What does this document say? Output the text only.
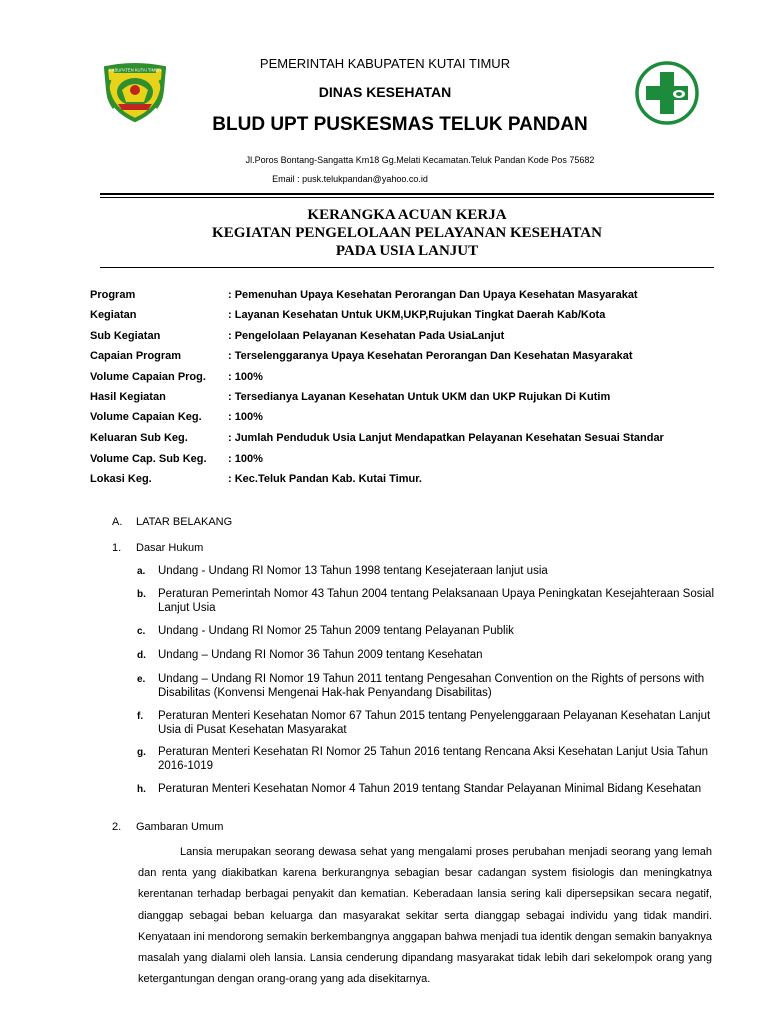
KABUPATEN KUTAI TIMUR	PEMERINTAH KABUPATEN KUTAI TIMUR
DINAS KESEHATAN
BLUD UPT PUSKESMAS TELUK PANDAN
Jl.Poros Bontang-Sangatta Km18 Gg.Melati Kecamatan.Teluk Pandan Kode Pos 75682
Email : pusk.telukpandan@yahoo.co.id
KERANGKA ACUAN KERJA
KEGIATAN PENGELOLAAN PELAYANAN KESEHATAN
PADA USIA LANJUT
Program	: Pemenuhan Upaya Kesehatan Perorangan Dan Upaya Kesehatan Masyarakat
Kegiatan	: Layanan Kesehatan Untuk UKM,UKP,Rujukan Tingkat Daerah Kab/Kota
Sub Kegiatan	: Pengelolaan Pelayanan Kesehatan Pada UsiaLanjut
Capaian Program	: Terselenggaranya Upaya Kesehatan Perorangan Dan Kesehatan Masyarakat
Volume Capaian Prog. : 100%
Hasil Kegiatan	: Tersedianya Layanan Kesehatan Untuk UKM dan UKP Rujukan Di Kutim
Volume Capaian Keg. : 100%
Keluaran Sub Keg.	: Jumlah Penduduk Usia Lanjut Mendapatkan Pelayanan Kesehatan Sesuai Standar
Volume Cap. Sub Keg. : 100%
Lokasi Keg.	: Kec.Teluk Pandan Kab. Kutai Timur.
A. LATAR BELAKANG
1. Dasar Hukum
a. Undang - Undang RI Nomor 13 Tahun 1998 tentang Kesejateraan lanjut usia
b. Peraturan Pemerintah Nomor 43 Tahun 2004 tentang Pelaksanaan Upaya Peningkatan Kesejahteraan Sosial Lanjut Usia
c. Undang - Undang RI Nomor 25 Tahun 2009 tentang Pelayanan Publik
d. Undang – Undang RI Nomor 36 Tahun 2009 tentang Kesehatan
e. Undang – Undang RI Nomor 19 Tahun 2011 tentang Pengesahan Convention on the Rights of persons with Disabilitas (Konvensi Mengenai Hak-hak Penyandang Disabilitas)
f. Peraturan Menteri Kesehatan Nomor 67 Tahun 2015 tentang Penyelenggaraan Pelayanan Kesehatan Lanjut Usia di Pusat Kesehatan Masyarakat
g. Peraturan Menteri Kesehatan RI Nomor 25 Tahun 2016 tentang Rencana Aksi Kesehatan Lanjut Usia Tahun 2016-1019
h. Peraturan Menteri Kesehatan Nomor 4 Tahun 2019 tentang Standar Pelayanan Minimal Bidang Kesehatan
2. Gambaran Umum
Lansia merupakan seorang dewasa sehat yang mengalami proses perubahan menjadi seorang yang lemah dan renta yang diakibatkan karena berkurangnya sebagian besar cadangan system fisiologis dan meningkatnya kerentanan terhadap berbagai penyakit dan kematian. Keberadaan lansia sering kali dipersepsikan secara negatif, dianggap sebagai beban keluarga dan masyarakat sekitar serta dianggap sebagai individu yang tidak mandiri. Kenyataan ini mendorong semakin berkembangnya anggapan bahwa menjadi tua identik dengan semakin banyaknya masalah yang dialami oleh lansia. Lansia cenderung dipandang masyarakat tidak lebih dari sekelompok orang yang ketergantungan dengan orang-orang yang ada disekitarnya.
